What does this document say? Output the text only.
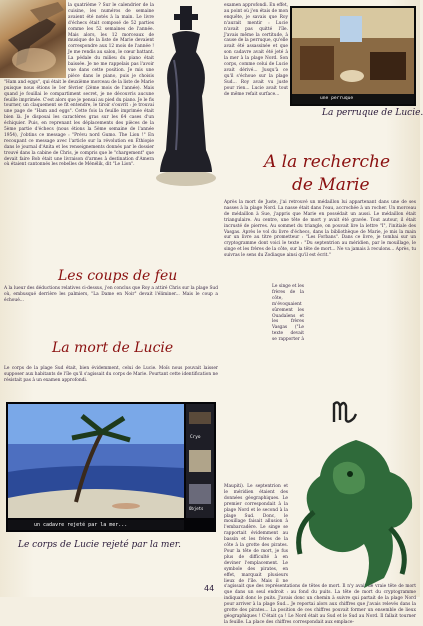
la quatrième ? Sur le calendrier de la cuisine, les numéros de semaine avaient été notés à la main. Le livre d'échecs était composé de 52 parties comme les 52 semaines de l'année. Mais alors, les 12 morceaux de musique de la liste de Marie devaient correspondre aux 12 mois de l'année ! Je me rendis au salon, le cœur battant. La pédale du milieu du piano était baissée. Je ne me rappelais pas l'avoir vue dans cette position. Je mis une pièce dans le piano, puis je choisis "Ham and eggs", qui était le deuxième morceau de la liste de Marie puisque nous étions le 1er février (2ème mois de l'année). Mais quand je fouillai le compartiment secret, je ne découvris aucune feuille imprimée. C'est alors que je pensai au pied du piano. Je le fis tourner, un claquement se fit entendre, le tiroir s'ouvrit : je trouvai une page de "Ham and eggs". Cette fois la feuille imprimée était bien là. Je disposai les caractères gras sur les 64 cases d'un échiquier. Puis, en reprenant les déplacements des pièces de la 5ème partie d'échecs (nous étions la 5ème semaine de l'année 1954), j'obtins ce message : "Prévu nord Gumo. The Lion !" En recoupant ce message avec l'article sur la révolution en Éthiopie dans le journal d'Anita et les renseignements donnés par le dossier trouvé dans la cabine de Chris, je compris que le "chargement" que devait faire Bob était une livraison d'armes à destination d'Amera où étaient cantonnés les rebelles de Ménélik, dit "Le Lion".

Les coups de feu

A la lueur des déductions relatives ci-dessus, j'en conclus que Roy a attiré Chris sur la plage Sud où, embusqué derrière les palmiers, "La Dame en Noir" devait l'éliminer... Mais le coup a échoué...

La mort de Lucie

Le corps de la plage Sud était, bien évidemment, celui de Lucie. Moïs nous pouvait laisser supposer aux habitants de l'île qu'il s'agissait du corps de Marie. Pourtant cette identification ne résistait pas à un examen approfondi.

Cryo
Objets
un cadavre rejeté par la mer...
Le corps de Lucie rejeté par la mer.
une perruque
La perruque de Lucie.

examen approfondi. En effet, au point où j'en étais de mon enquête, je savais que Roy n'aurait mentir : Lucie n'avait pas quitté l'île. J'avais même la certitude, à cause de la perruque, qu'elle avait été assassinée et que son cadavre avait été jeté à la mer à la plage Nord. Son corps, comme celui de Lucie avait dérivé... Jusqu'à ce qu'il s'échoue sur la plage Sud... Roy avait vu juste pour rien... Lucie avait tout de même refait surface...

A la recherche
de Marie

Après la mort de Juste, j'ai retrouvé un médaillon lui appartenant dans une de ses nasses à la plage Nord. La nasse était dans l'eau, accrochée à un rocher. Un morceau de médaillon à Sue, j'appris que Marie en possédait un aussi. Le médaillon était triangulaire. Au centre, une tête de mort y avait été gravée. Tout autour, il était incrusté de pierres. Au sommet du triangle, on pouvait lire la lettre "I", l'initiale des Vasgas. Après le vol du livre d'échecs, dans la bibliothèque de Marie, je mis la main sur un livre au titre prometteur : "Les Forbans". Dans ce livre, je tombai sur un cryptogramme dont voici le texte : "Du septentrion au méridien, par le mouillage, le singe et les frères de la côte, sur la tête de mort... Ne va jamais à reculons... Après, tu suivras le sens du Zodiaque ainsi qu'il est écrit."

Le singe et les frères de la côte, m'évoquaient sûrement les Ouadaïens et les frères Vasgas ("Le texte devait se rapporter à Maupiti). Le septentrion et le méridien étaient des données géographiques. Le premier correspondait à la plage Nord et le second à la plage Sud. Donc, le mouillage faisait allusion à l'embarcadère. Le singe se rapportait évidemment au bassin et les frères de la côte à la grotte des pirates. Pour la tête de mort, je fus plus de difficulté à en deviner l'emplacement. Le symbole des pirates, en effet, marquait plusieurs lieux de l'île. Mais il ne s'agissait que des représentations de têtes de mort. Il n'y avait de vraie tête de mort que dans un seul endroit : au fond du puits. La tête de mort du cryptogramme indiquait donc le puits. J'avais donc un chemin à suivre qui partait de la plage Nord pour arriver à la plage Sud... Je reportai alors aux chiffres que j'avais relevés dans la grotte des pirates... La position de ces chiffres pouvait former un ensemble de lieux géographiques ! C'était ça ! Le Nord était au Sud et le Sud au Nord. Il fallait tourner la feuille. La place des chiffres correspondait aux emplace-

44
